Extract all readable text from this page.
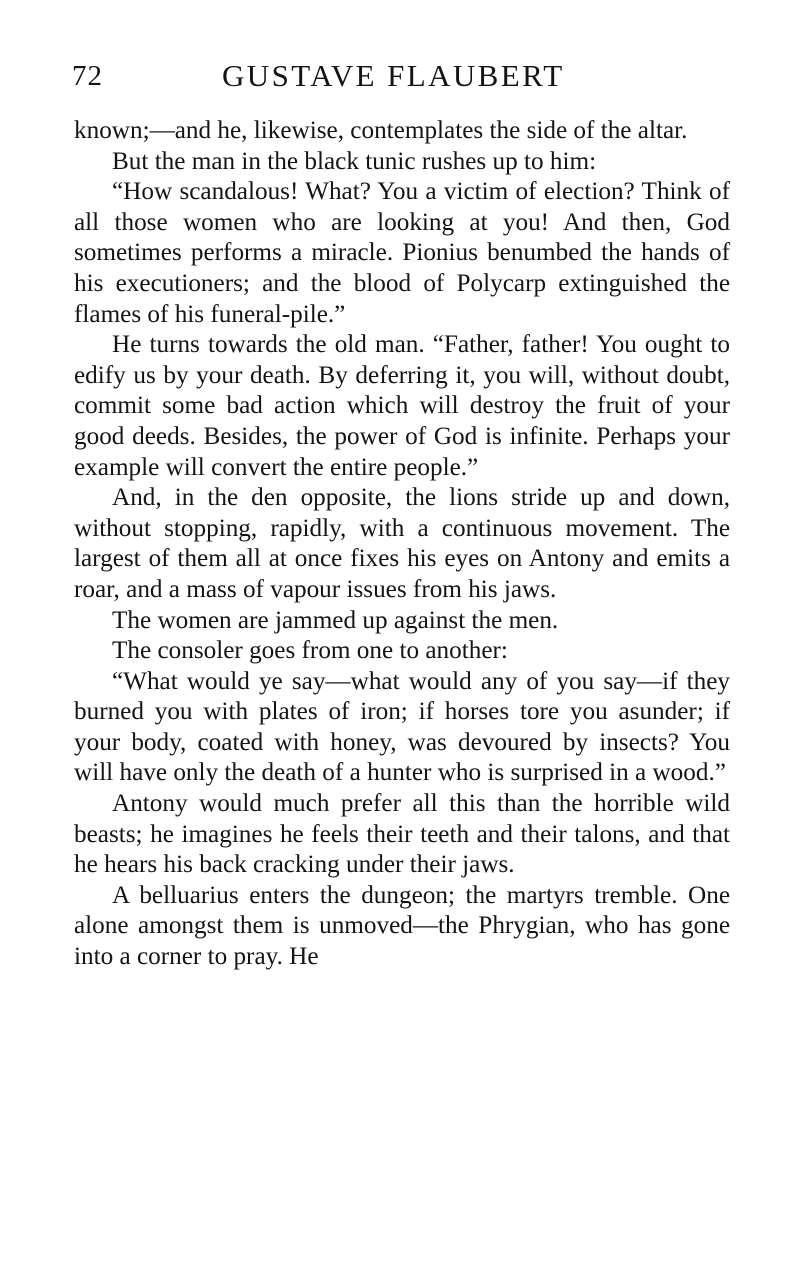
72	GUSTAVE FLAUBERT

known;—and he, likewise, contemplates the side of the altar.

But the man in the black tunic rushes up to him:

“How scandalous! What? You a victim of election? Think of all those women who are looking at you! And then, God sometimes performs a miracle. Pionius benumbed the hands of his executioners; and the blood of Polycarp extinguished the flames of his funeral-pile.”

He turns towards the old man. “Father, father! You ought to edify us by your death. By deferring it, you will, without doubt, commit some bad action which will destroy the fruit of your good deeds. Besides, the power of God is infinite. Perhaps your example will convert the entire people.”

And, in the den opposite, the lions stride up and down, without stopping, rapidly, with a continuous movement. The largest of them all at once fixes his eyes on Antony and emits a roar, and a mass of vapour issues from his jaws.

The women are jammed up against the men.

The consoler goes from one to another:

“What would ye say—what would any of you say—if they burned you with plates of iron; if horses tore you asunder; if your body, coated with honey, was devoured by insects? You will have only the death of a hunter who is surprised in a wood.”

Antony would much prefer all this than the horrible wild beasts; he imagines he feels their teeth and their talons, and that he hears his back cracking under their jaws.

A belluarius enters the dungeon; the martyrs tremble. One alone amongst them is unmoved—the Phrygian, who has gone into a corner to pray. He
